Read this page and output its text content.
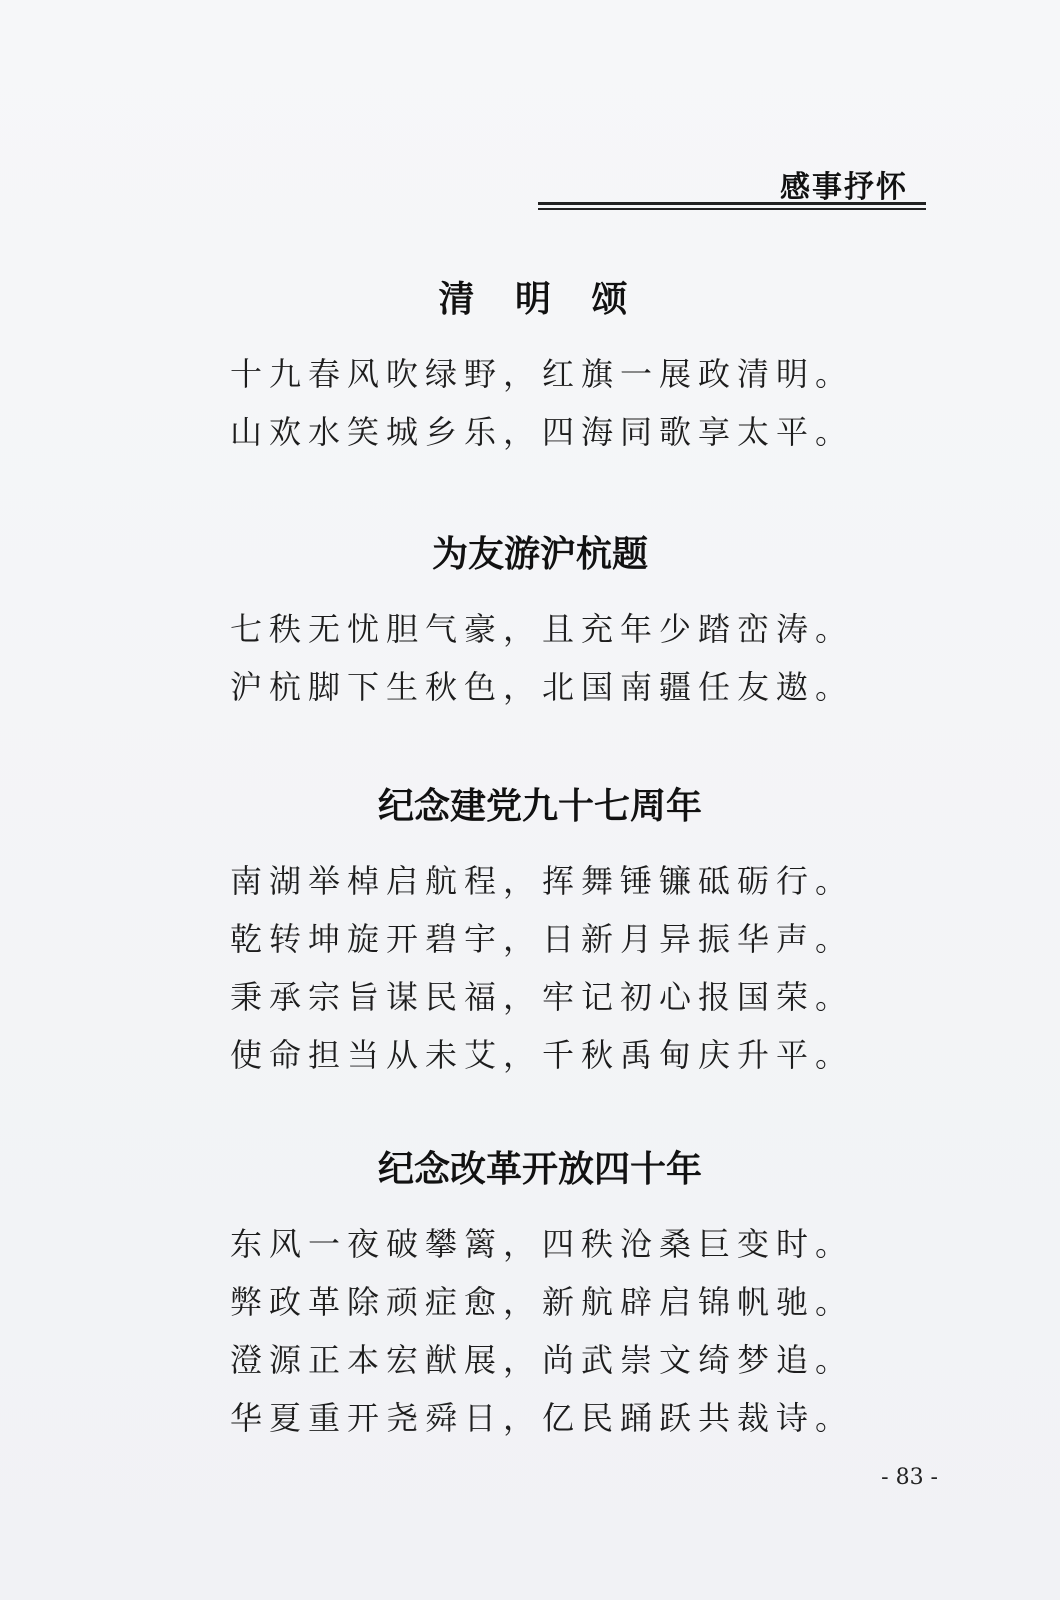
感事抒怀
清 明 颂
十九春风吹绿野，红旗一展政清明。
山欢水笑城乡乐，四海同歌享太平。
为友游沪杭题
七秩无忧胆气豪，且充年少踏峦涛。
沪杭脚下生秋色，北国南疆任友遨。
纪念建党九十七周年
南湖举棹启航程，挥舞锤镰砥砺行。
乾转坤旋开碧宇，日新月异振华声。
秉承宗旨谋民福，牢记初心报国荣。
使命担当从未艾，千秋禹甸庆升平。
纪念改革开放四十年
东风一夜破攀篱，四秩沧桑巨变时。
弊政革除顽症愈，新航辟启锦帆驰。
澄源正本宏猷展，尚武崇文绮梦追。
华夏重开尧舜日，亿民踊跃共裁诗。
- 83 -
